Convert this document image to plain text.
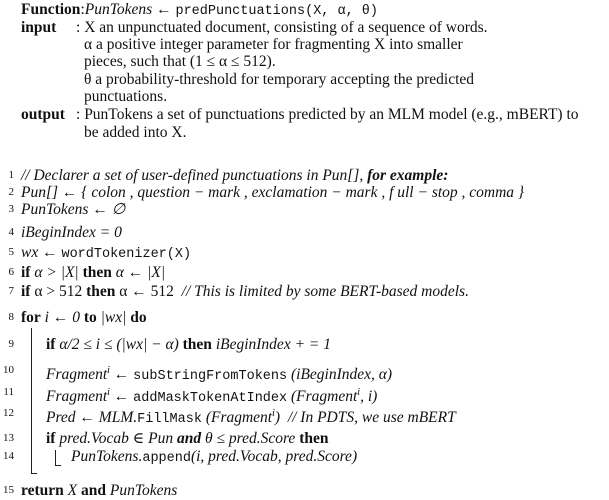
Function:PunTokens ← predPunctuations(X, α, θ)
input : X an unpunctuated document, consisting of a sequence of words.
α a positive integer parameter for fragmenting X into smaller
pieces, such that (1 ≤ α ≤ 512).
θ a probability-threshold for temporary accepting the predicted
punctuations.
output : PunTokens a set of punctuations predicted by an MLM model (e.g., mBERT) to
be added into X.
1 // Declarer a set of user-defined punctuations in Pun[], for example:
2 Pun[] ← { colon , question − mark , exclamation − mark , f ull − stop , comma }
3 PunTokens ← ∅
4 iBeginIndex = 0
5 wx ← wordTokenizer(X)
6 if α > |X| then α ← |X|
7 if α > 512 then α ← 512 // This is limited by some BERT-based models.
8 for i ← 0 to |wx| do
9 if α/2 ≤ i ≤ (|wx| − α) then iBeginIndex + = 1
10 Fragment$^i$ ← subStringFromTokens (iBeginIndex, α)
11 Fragment$^i$ ← addMaskTokenAtIndex (Fragment$^i$, i)
12 Pred ← MLM.FillMask (Fragment$^i$) // In PDTS, we use mBERT
13 if pred.Vocab ∈ Pun and θ ≤ pred.Score then
14	PunTokens.append(i, pred.Vocab, pred.Score)
15 return X and PunTokens
